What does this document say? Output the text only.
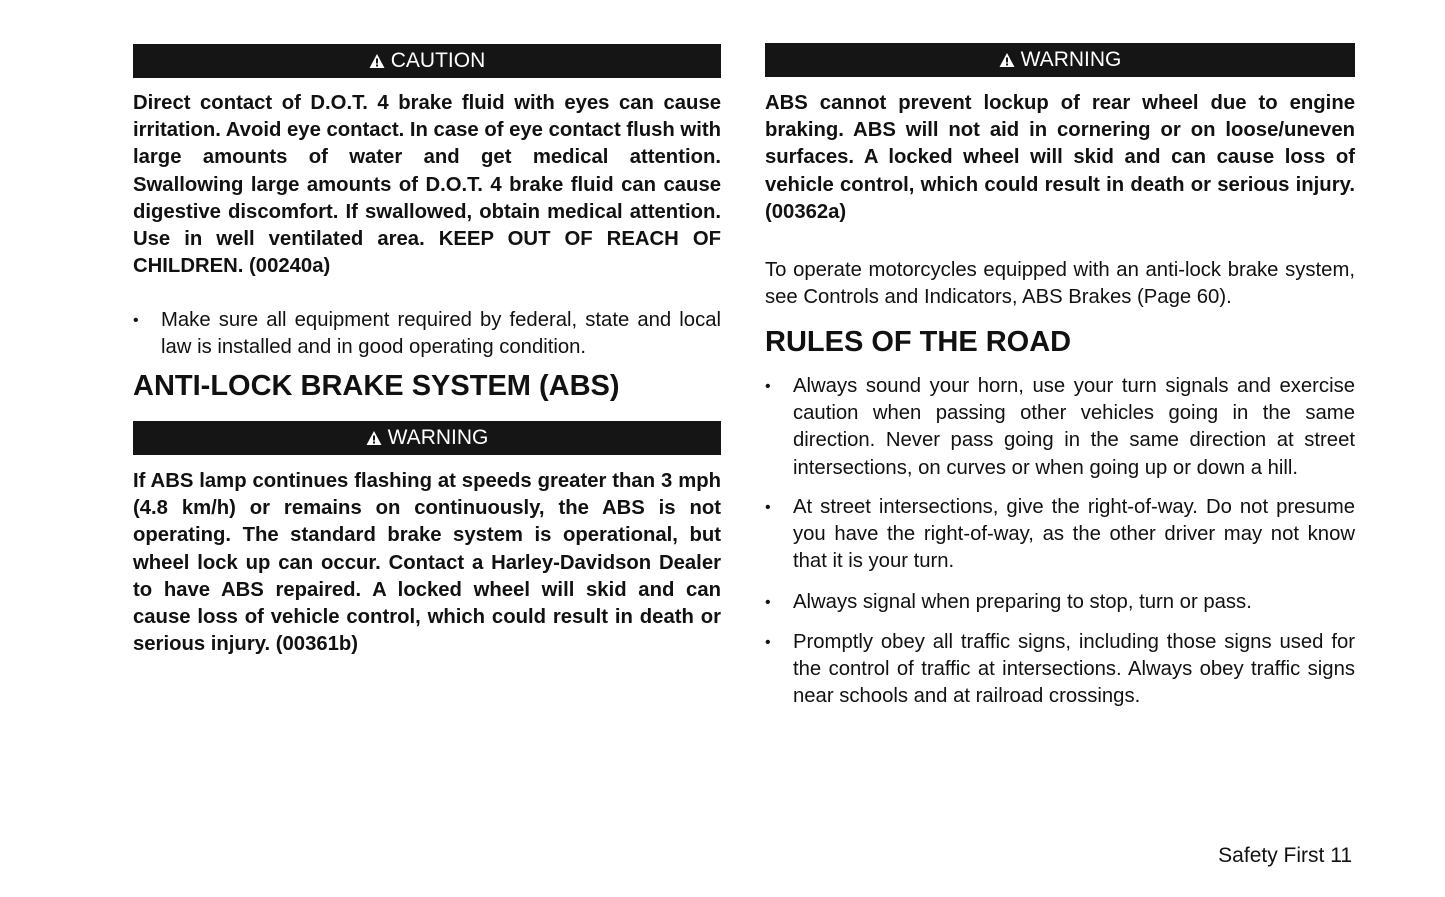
CAUTION

Direct contact of D.O.T. 4 brake fluid with eyes can cause irritation. Avoid eye contact. In case of eye contact flush with large amounts of water and get medical attention. Swallowing large amounts of D.O.T. 4 brake fluid can cause digestive discomfort. If swallowed, obtain medical attention. Use in well ventilated area. KEEP OUT OF REACH OF CHILDREN. (00240a)

• Make sure all equipment required by federal, state and local law is installed and in good operating condition.
ANTI-LOCK BRAKE SYSTEM (ABS)
WARNING

If ABS lamp continues flashing at speeds greater than 3 mph (4.8 km/h) or remains on continuously, the ABS is not operating. The standard brake system is operational, but wheel lock up can occur. Contact a Harley-Davidson Dealer to have ABS repaired. A locked wheel will skid and can cause loss of vehicle control, which could result in death or serious injury. (00361b)

WARNING

ABS cannot prevent lockup of rear wheel due to engine braking. ABS will not aid in cornering or on loose/uneven surfaces. A locked wheel will skid and can cause loss of vehicle control, which could result in death or serious injury. (00362a)

To operate motorcycles equipped with an anti-lock brake system, see Controls and Indicators, ABS Brakes (Page 60).

RULES OF THE ROAD
• Always sound your horn, use your turn signals and exercise caution when passing other vehicles going in the same direction. Never pass going in the same direction at street intersections, on curves or when going up or down a hill.
• At street intersections, give the right-of-way. Do not presume you have the right-of-way, as the other driver may not know that it is your turn.
• Always signal when preparing to stop, turn or pass.
• Promptly obey all traffic signs, including those signs used for the control of traffic at intersections. Always obey traffic signs near schools and at railroad crossings.
Safety First 11
